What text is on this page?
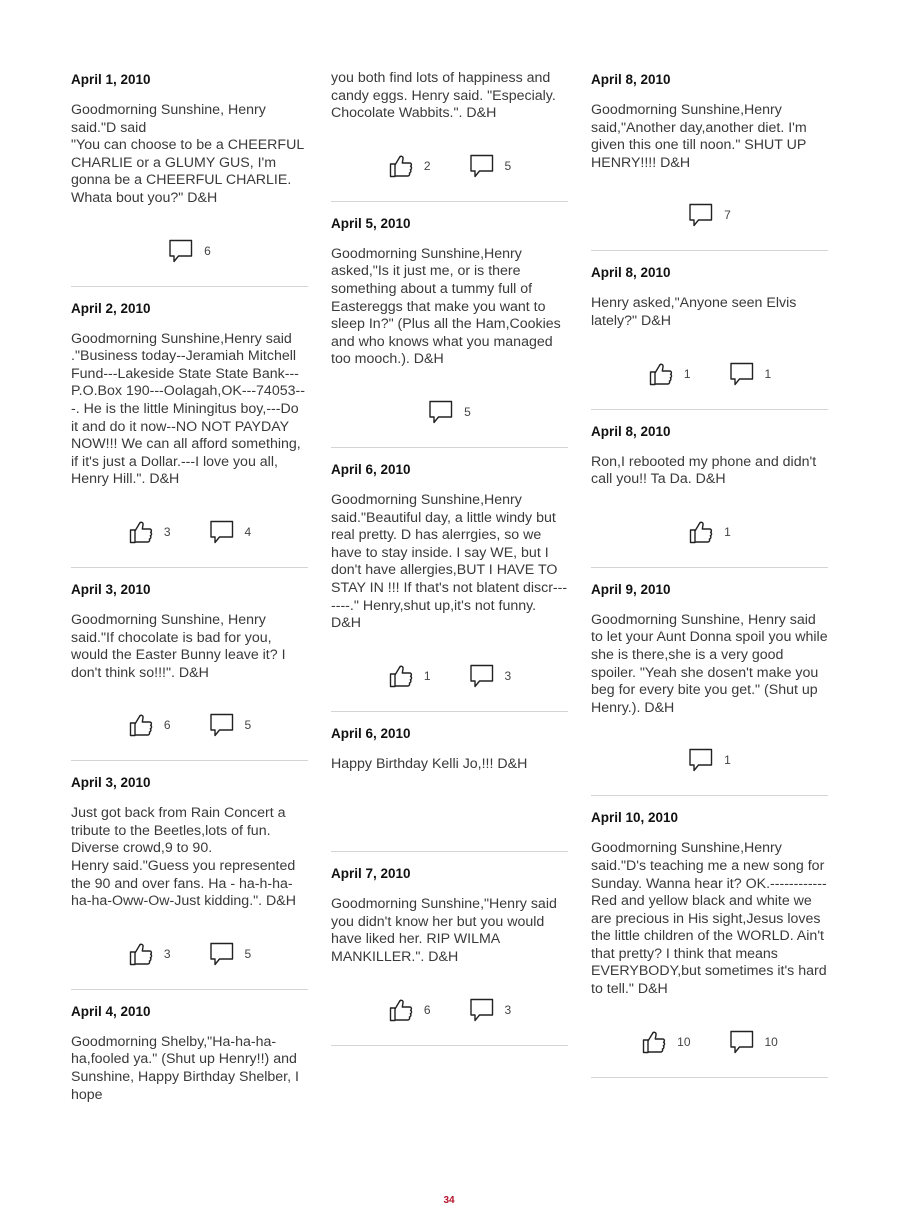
April 1, 2010

Goodmorning Sunshine, Henry said."D said
"You can choose to be a CHEERFUL CHARLIE or a GLUMY GUS, I'm gonna be a CHEERFUL CHARLIE. Whata bout you?" D&H

6
April 2, 2010

Goodmorning Sunshine,Henry said ."Business today--Jeramiah Mitchell Fund---Lakeside State State Bank---P.O.Box 190---Oolagah,OK---74053---. He is the little Miningitus boy,---Do it and do it now--NO NOT PAYDAY NOW!!! We can all afford something, if it's just a Dollar.---I love you all, Henry Hill.". D&H

3	4
April 3, 2010

Goodmorning Sunshine, Henry said."If chocolate is bad for you, would the Easter Bunny leave it? I don't think so!!!". D&H

6	5
April 3, 2010

Just got back from Rain Concert a tribute to the Beetles,lots of fun. Diverse crowd,9 to 90.
Henry said."Guess you represented the 90 and over fans. Ha - ha-h-ha-ha-ha-Oww-Ow-Just kidding.". D&H

3	5
April 4, 2010

Goodmorning Shelby,"Ha-ha-ha-ha,fooled ya." (Shut up Henry!!) and Sunshine, Happy Birthday Shelber, I hope

you both find lots of happiness and candy eggs. Henry said. "Especialy. Chocolate Wabbits.". D&H

2	5
April 5, 2010

Goodmorning Sunshine,Henry asked,"Is it just me, or is there something about a tummy full of Eastereggs that make you want to sleep In?" (Plus all the Ham,Cookies and who knows what you managed too mooch.). D&H

5
April 6, 2010

Goodmorning Sunshine,Henry said."Beautiful day, a little windy but real pretty. D has alerrgies, so we have to stay inside. I say WE, but I don't have allergies,BUT I HAVE TO STAY IN !!! If that's not blatent discr-------." Henry,shut up,it's not funny. D&H

1	3
April 6, 2010

Happy Birthday Kelli Jo,!!! D&H

April 7, 2010

Goodmorning Sunshine,"Henry said you didn't know her but you would have liked her. RIP WILMA MANKILLER.". D&H

6	3
April 8, 2010

Goodmorning Sunshine,Henry said,"Another day,another diet. I'm given this one till noon." SHUT UP HENRY!!!! D&H

7
April 8, 2010

Henry asked,"Anyone seen Elvis lately?" D&H

1	1
April 8, 2010

Ron,I rebooted my phone and didn't call you!! Ta Da. D&H

1
April 9, 2010

Goodmorning Sunshine, Henry said to let your Aunt Donna spoil you while she is there,she is a very good spoiler. "Yeah she dosen't make you beg for every bite you get." (Shut up Henry.). D&H

1
April 10, 2010

Goodmorning Sunshine,Henry said."D's teaching me a new song for Sunday. Wanna hear it? OK.------------Red and yellow black and white we are precious in His sight,Jesus loves the little children of the WORLD. Ain't that pretty? I think that means EVERYBODY,but sometimes it's hard to tell." D&H

10	10
34
